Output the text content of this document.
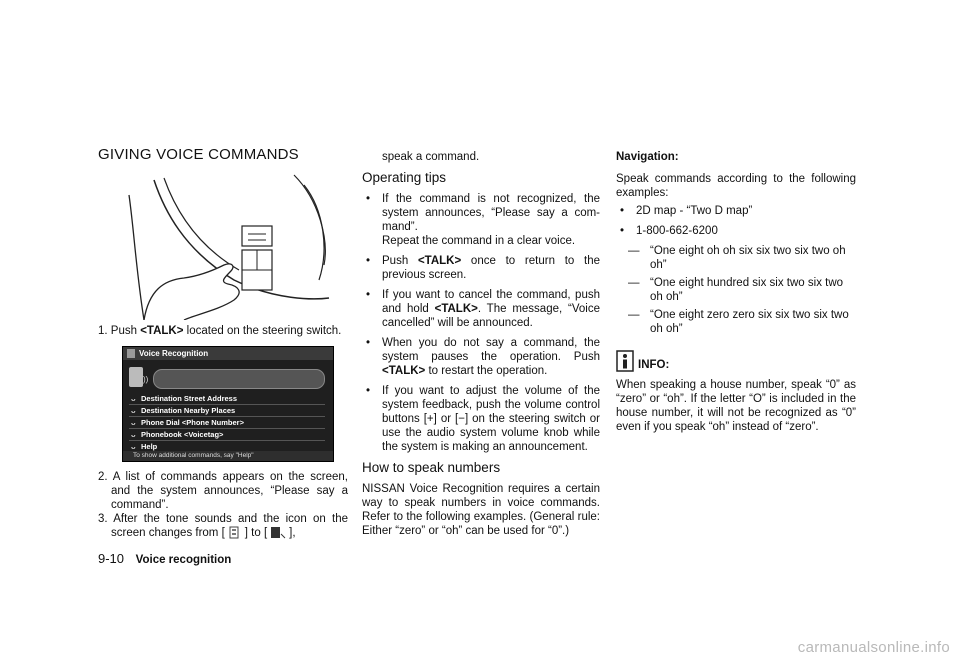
GIVING VOICE COMMANDS

1. Push <TALK> located on the steering switch.

Voice Recognition
))
ᴗ Destination Street Address
ᴗ Destination Nearby Places
ᴗ Phone Dial <Phone Number>
ᴗ Phonebook <Voicetag>
ᴗ Help
To show additional commands, say "Help"

2. A list of commands appears on the screen, and the system announces, “Please say a command”.

3. After the tone sounds and the icon on the screen changes from [ ] to [ ],

speak a command.

Operating tips
• If the command is not recognized, the system announces, “Please say a com-mand”.

Repeat the command in a clear voice.

• Push <TALK> once to return to the previous screen.

• If you want to cancel the command, push and hold <TALK>. The message, “Voice cancelled” will be announced.

• When you do not say a command, the system pauses the operation. Push <TALK> to restart the operation.

• If you want to adjust the volume of the system feedback, push the volume control buttons [+] or [−] on the steering switch or use the audio system volume knob while the system is making an announcement.

How to speak numbers

NISSAN Voice Recognition requires a certain way to speak numbers in voice commands. Refer to the following examples. (General rule: Either “zero” or “oh” can be used for “0”.)

Navigation:

Speak commands according to the following examples:

• 2D map - “Two D map”

• 1-800-662-6200

— “One eight oh oh six six two six two oh oh”

— “One eight hundred six six two six two oh oh”

— “One eight zero zero six six two six two oh oh”

INFO:

When speaking a house number, speak “0” as “zero” or “oh”. If the letter “O” is included in the house number, it will not be recognized as “0” even if you speak “oh” instead of “zero”.

9-10 Voice recognition
carmanualsonline.info
